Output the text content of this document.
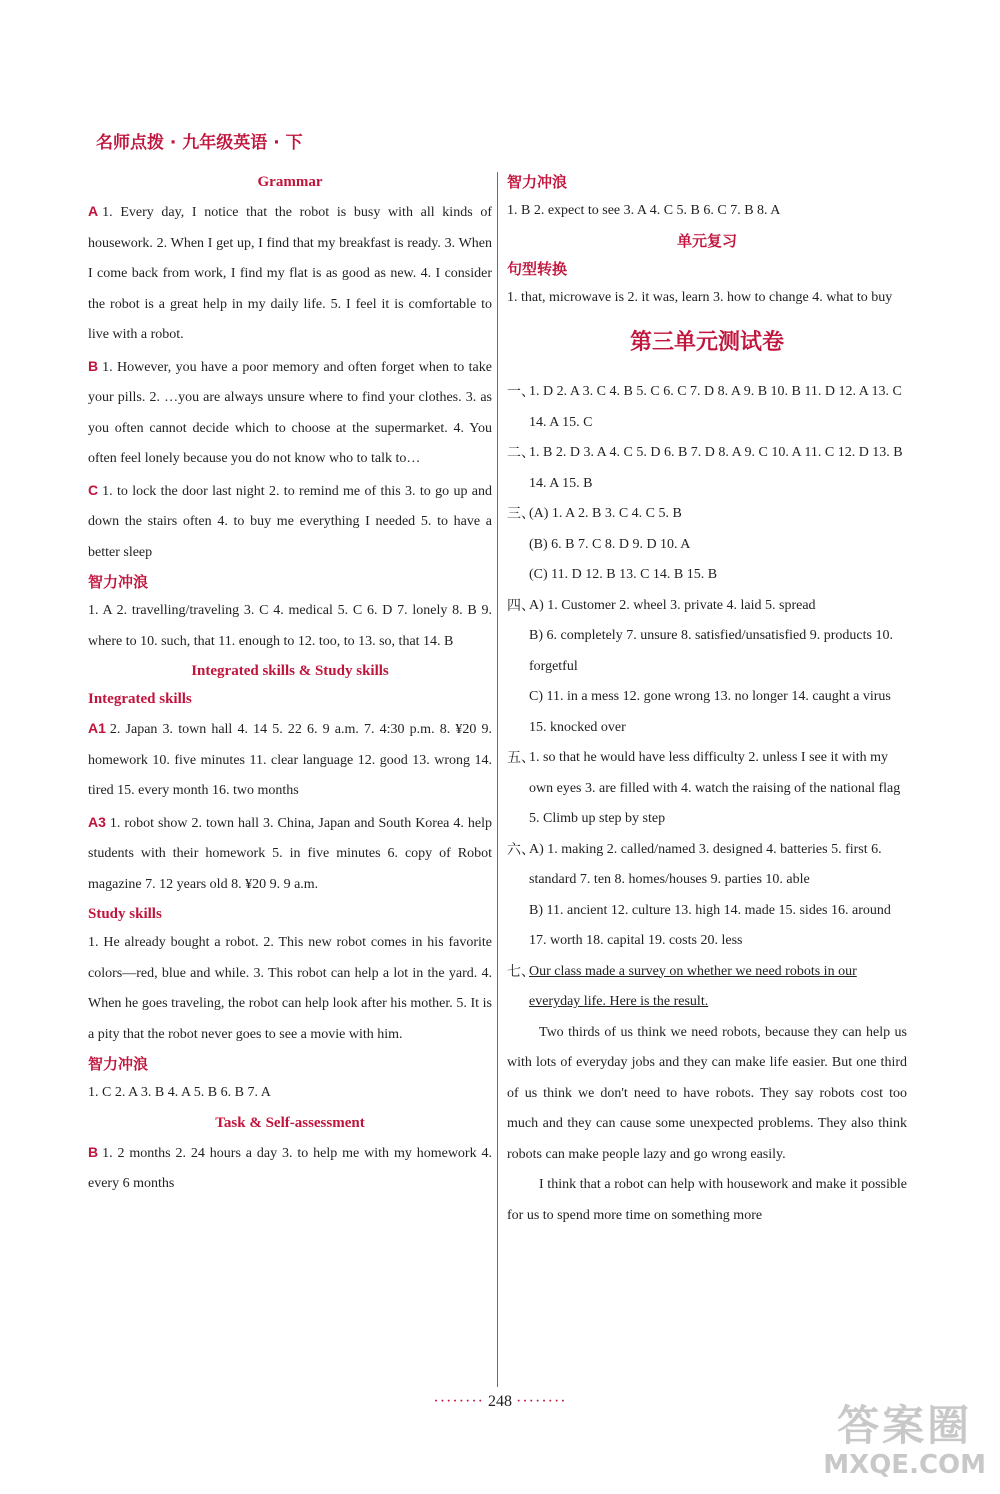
名师点拨 · 九年级英语 · 下
Grammar

A 1. Every day, I notice that the robot is busy with all kinds of housework. 2. When I get up, I find that my breakfast is ready. 3. When I come back from work, I find my flat is as good as new. 4. I consider the robot is a great help in my daily life. 5. I feel it is comfortable to live with a robot.

B 1. However, you have a poor memory and often forget when to take your pills. 2. …you are always unsure where to find your clothes. 3. as you often cannot decide which to choose at the supermarket. 4. You often feel lonely because you do not know who to talk to…

C 1. to lock the door last night 2. to remind me of this 3. to go up and down the stairs often 4. to buy me everything I needed 5. to have a better sleep

智力冲浪

1. A 2. travelling/traveling 3. C 4. medical 5. C 6. D 7. lonely 8. B 9. where to 10. such, that 11. enough to 12. too, to 13. so, that 14. B

Integrated skills & Study skills
Integrated skills

A1 2. Japan 3. town hall 4. 14 5. 22 6. 9 a.m. 7. 4:30 p.m. 8. ¥20 9. homework 10. five minutes 11. clear language 12. good 13. wrong 14. tired 15. every month 16. two months

A3 1. robot show 2. town hall 3. China, Japan and South Korea 4. help students with their homework 5. in five minutes 6. copy of Robot magazine 7. 12 years old 8. ¥20 9. 9 a.m.

Study skills

1. He already bought a robot. 2. This new robot comes in his favorite colors—red, blue and while. 3. This robot can help a lot in the yard. 4. When he goes traveling, the robot can help look after his mother. 5. It is a pity that the robot never goes to see a movie with him.

智力冲浪

1. C 2. A 3. B 4. A 5. B 6. B 7. A

Task & Self-assessment

B 1. 2 months 2. 24 hours a day 3. to help me with my homework 4. every 6 months

智力冲浪

1. B 2. expect to see 3. A 4. C 5. B 6. C 7. B 8. A

单元复习
句型转换

1. that, microwave is 2. it was, learn 3. how to change 4. what to buy

第三单元测试卷
一、
1. D 2. A 3. C 4. B 5. C 6. C 7. D 8. A 9. B 10. B 11. D 12. A 13. C 14. A 15. C
二、
1. B 2. D 3. A 4. C 5. D 6. B 7. D 8. A 9. C 10. A 11. C 12. D 13. B 14. A 15. B
三、
(A) 1. A 2. B 3. C 4. C 5. B
(B) 6. B 7. C 8. D 9. D 10. A
(C) 11. D 12. B 13. C 14. B 15. B
四、
A) 1. Customer 2. wheel 3. private 4. laid 5. spread
B) 6. completely 7. unsure 8. satisfied/unsatisfied 9. products 10. forgetful
C) 11. in a mess 12. gone wrong 13. no longer 14. caught a virus 15. knocked over
五、
1. so that he would have less difficulty 2. unless I see it with my own eyes 3. are filled with 4. watch the raising of the national flag 5. Climb up step by step
六、
A) 1. making 2. called/named 3. designed 4. batteries 5. first 6. standard 7. ten 8. homes/houses 9. parties 10. able
B) 11. ancient 12. culture 13. high 14. made 15. sides 16. around 17. worth 18. capital 19. costs 20. less
七、
Our class made a survey on whether we need robots in our everyday life. Here is the result.

Two thirds of us think we need robots, because they can help us with lots of everyday jobs and they can make life easier. But one third of us think we don't need to have robots. They say robots cost too much and they can cause some unexpected problems. They also think robots can make people lazy and go wrong easily.

I think that a robot can help with housework and make it possible for us to spend more time on something more

········ 248 ········	答案圈
MXQE.COM
